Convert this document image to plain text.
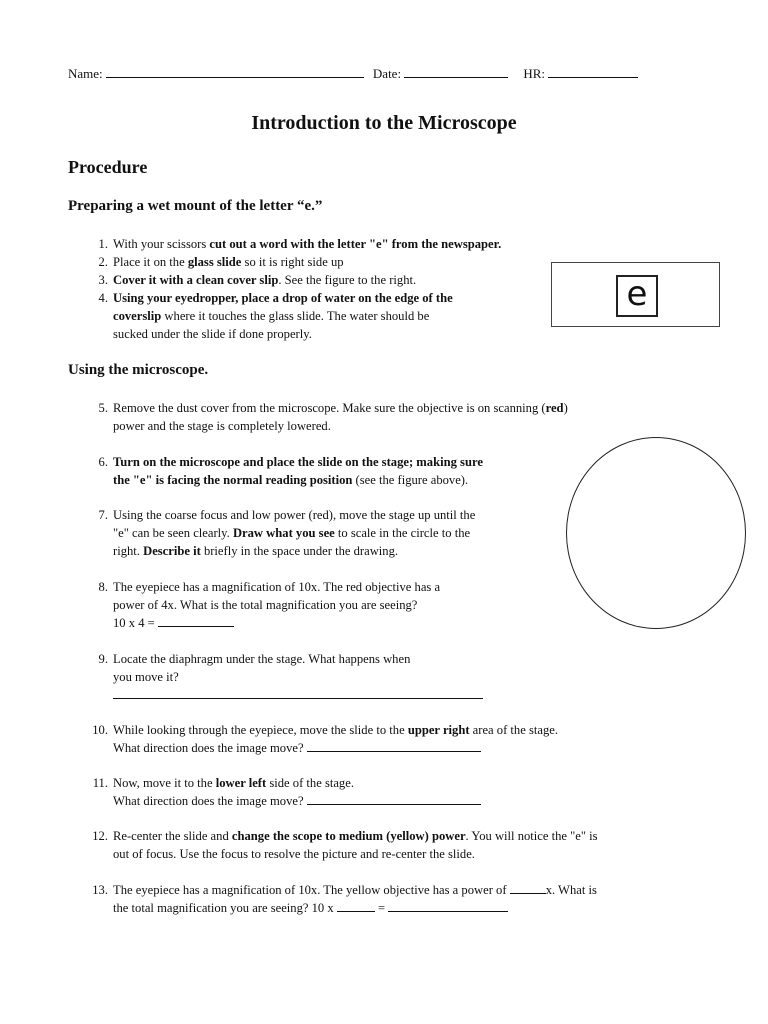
Name:	Date:	HR:
Introduction to the Microscope
Procedure
Preparing a wet mount of the letter “e.”
1. With your scissors cut out a word with the letter "e" from the newspaper.
2. Place it on the glass slide so it is right side up
3. Cover it with a clean cover slip. See the figure to the right.
4. Using your eyedropper, place a drop of water on the edge of the
coverslip where it touches the glass slide. The water should be
sucked under the slide if done properly.
e
Using the microscope.
5. Remove the dust cover from the microscope. Make sure the objective is on scanning (red)
power and the stage is completely lowered.
6. Turn on the microscope and place the slide on the stage; making sure
the "e" is facing the normal reading position (see the figure above).
7. Using the coarse focus and low power (red), move the stage up until the
"e" can be seen clearly. Draw what you see to scale in the circle to the
right. Describe it briefly in the space under the drawing.
8. The eyepiece has a magnification of 10x. The red objective has a
power of 4x. What is the total magnification you are seeing?
10 x 4 =
9. Locate the diaphragm under the stage. What happens when
you move it?
10. While looking through the eyepiece, move the slide to the upper right area of the stage.
What direction does the image move?
11. Now, move it to the lower left side of the stage.
What direction does the image move?
12. Re-center the slide and change the scope to medium (yellow) power. You will notice the "e" is
out of focus. Use the focus to resolve the picture and re-center the slide.
13. The eyepiece has a magnification of 10x. The yellow objective has a power of	x. What is
the total magnification you are seeing? 10 x	=
